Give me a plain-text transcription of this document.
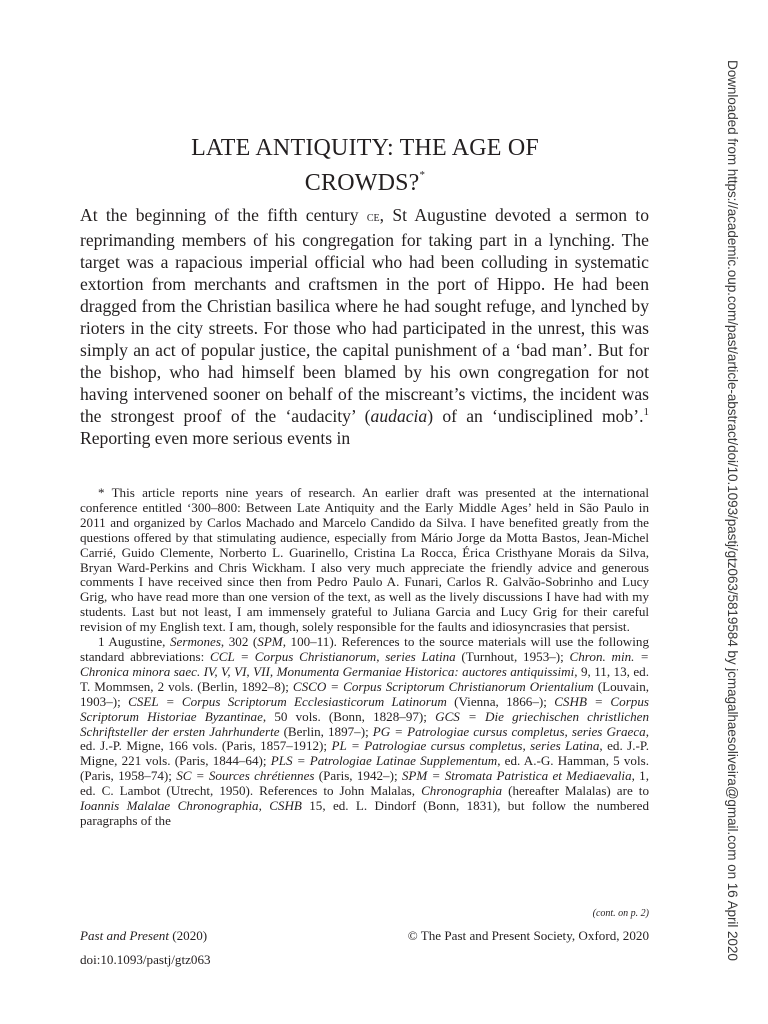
LATE ANTIQUITY: THE AGE OF
CROWDS?*

At the beginning of the fifth century ce, St Augustine devoted a sermon to reprimanding members of his congregation for taking part in a lynching. The target was a rapacious imperial official who had been colluding in systematic extortion from merchants and craftsmen in the port of Hippo. He had been dragged from the Christian basilica where he had sought refuge, and lynched by rioters in the city streets. For those who had participated in the unrest, this was simply an act of popular justice, the capital punishment of a ‘bad man’. But for the bishop, who had himself been blamed by his own congregation for not having intervened sooner on behalf of the miscreant’s victims, the incident was the strongest proof of the ‘audacity’ (audacia) of an ‘undisciplined mob’.$^1$ Reporting even more serious events in

* This article reports nine years of research. An earlier draft was presented at the international conference entitled ‘300–800: Between Late Antiquity and the Early Middle Ages’ held in São Paulo in 2011 and organized by Carlos Machado and Marcelo Candido da Silva. I have benefited greatly from the questions offered by that stimulating audience, especially from Mário Jorge da Motta Bastos, Jean-Michel Carrié, Guido Clemente, Norberto L. Guarinello, Cristina La Rocca, Érica Cristhyane Morais da Silva, Bryan Ward-Perkins and Chris Wickham. I also very much appreciate the friendly advice and generous comments I have received since then from Pedro Paulo A. Funari, Carlos R. Galvão-Sobrinho and Lucy Grig, who have read more than one version of the text, as well as the lively discussions I have had with my students. Last but not least, I am immensely grateful to Juliana Garcia and Lucy Grig for their careful revision of my English text. I am, though, solely responsible for the faults and idiosyncrasies that persist.

1 Augustine, Sermones, 302 (SPM, 100–11). References to the source materials will use the following standard abbreviations: CCL = Corpus Christianorum, series Latina (Turnhout, 1953–); Chron. min. = Chronica minora saec. IV, V, VI, VII, Monumenta Germaniae Historica: auctores antiquissimi, 9, 11, 13, ed. T. Mommsen, 2 vols. (Berlin, 1892–8); CSCO = Corpus Scriptorum Christianorum Orientalium (Louvain, 1903–); CSEL = Corpus Scriptorum Ecclesiasticorum Latinorum (Vienna, 1866–); CSHB = Corpus Scriptorum Historiae Byzantinae, 50 vols. (Bonn, 1828–97); GCS = Die griechischen christlichen Schriftsteller der ersten Jahrhunderte (Berlin, 1897–); PG = Patrologiae cursus completus, series Graeca, ed. J.-P. Migne, 166 vols. (Paris, 1857–1912); PL = Patrologiae cursus completus, series Latina, ed. J.-P. Migne, 221 vols. (Paris, 1844–64); PLS = Patrologiae Latinae Supplementum, ed. A.-G. Hamman, 5 vols. (Paris, 1958–74); SC = Sources chrétiennes (Paris, 1942–); SPM = Stromata Patristica et Mediaevalia, 1, ed. C. Lambot (Utrecht, 1950). References to John Malalas, Chronographia (hereafter Malalas) are to Ioannis Malalae Chronographia, CSHB 15, ed. L. Dindorf (Bonn, 1831), but follow the numbered paragraphs of the

(cont. on p. 2)
Past and Present (2020)	© The Past and Present Society, Oxford, 2020
doi:10.1093/pastj/gtz063	Downloaded from https://academic.oup.com/past/article-abstract/doi/10.1093/pastj/gtz063/5819584 by jcmagalhaesoliveira@gmail.com on 16 April 2020
